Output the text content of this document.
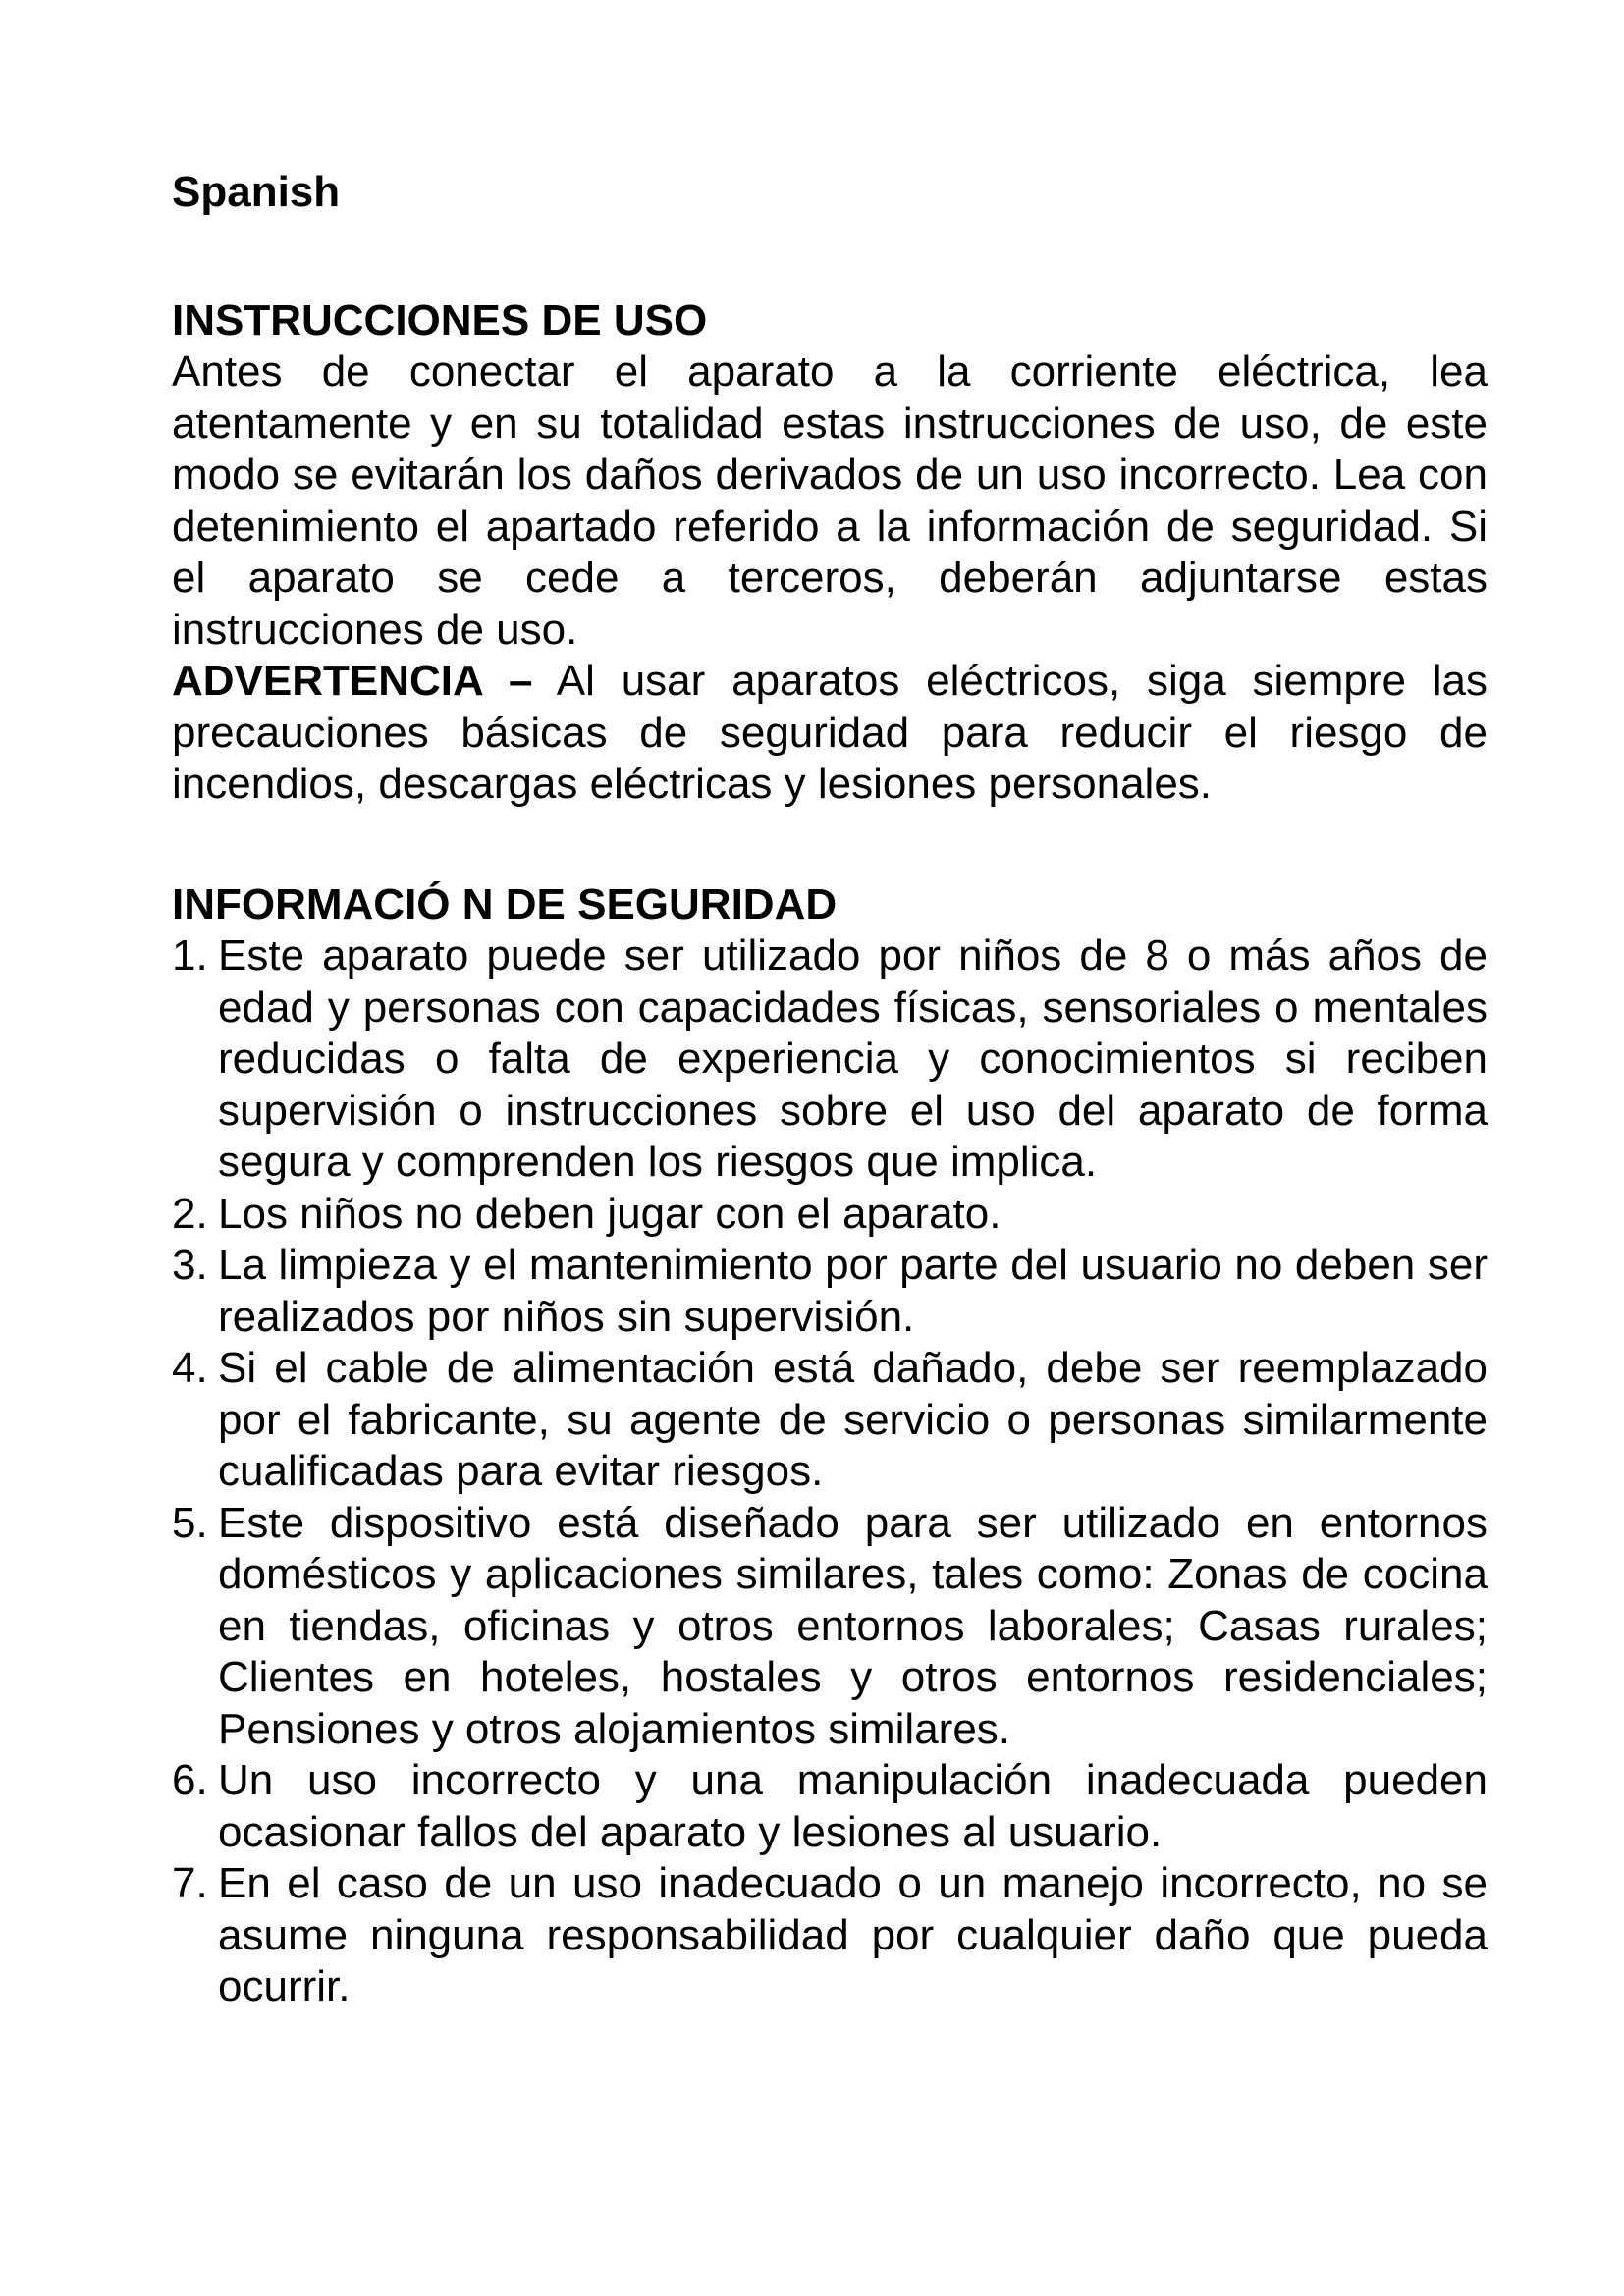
Spanish

INSTRUCCIONES DE USO

Antes de conectar el aparato a la corriente eléctrica, lea atentamente y en su totalidad estas instrucciones de uso, de este modo se evitarán los daños derivados de un uso incorrecto. Lea con detenimiento el apartado referido a la información de seguridad. Si el aparato se cede a terceros, deberán adjuntarse estas instrucciones de uso.

ADVERTENCIA – Al usar aparatos eléctricos, siga siempre las precauciones básicas de seguridad para reducir el riesgo de incendios, descargas eléctricas y lesiones personales.

INFORMACIÓ N DE SEGURIDAD

1. Este aparato puede ser utilizado por niños de 8 o más años de edad y personas con capacidades físicas, sensoriales o mentales reducidas o falta de experiencia y conocimientos si reciben supervisión o instrucciones sobre el uso del aparato de forma segura y comprenden los riesgos que implica.
2. Los niños no deben jugar con el aparato.
3. La limpieza y el mantenimiento por parte del usuario no deben ser realizados por niños sin supervisión.
4. Si el cable de alimentación está dañado, debe ser reemplazado por el fabricante, su agente de servicio o personas similarmente cualificadas para evitar riesgos.
5. Este dispositivo está diseñado para ser utilizado en entornos domésticos y aplicaciones similares, tales como: Zonas de cocina en tiendas, oficinas y otros entornos laborales; Casas rurales; Clientes en hoteles, hostales y otros entornos residenciales; Pensiones y otros alojamientos similares.
6. Un uso incorrecto y una manipulación inadecuada pueden ocasionar fallos del aparato y lesiones al usuario.
7. En el caso de un uso inadecuado o un manejo incorrecto, no se asume ninguna responsabilidad por cualquier daño que pueda ocurrir.
